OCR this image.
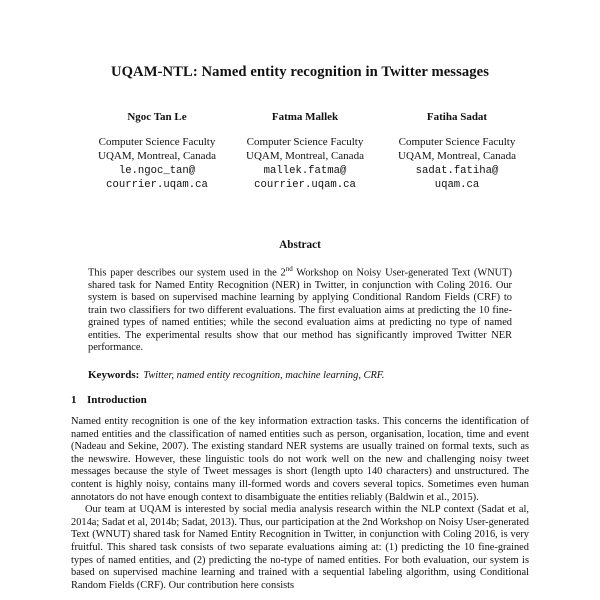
UQAM-NTL: Named entity recognition in Twitter messages
Ngoc Tan Le
Computer Science Faculty
UQAM, Montreal, Canada
le.ngoc_tan@
courrier.uqam.ca
Fatma Mallek
Computer Science Faculty
UQAM, Montreal, Canada
mallek.fatma@
courrier.uqam.ca
Fatiha Sadat
Computer Science Faculty
UQAM, Montreal, Canada
sadat.fatiha@
uqam.ca
Abstract
This paper describes our system used in the 2nd Workshop on Noisy User-generated Text (WNUT) shared task for Named Entity Recognition (NER) in Twitter, in conjunction with Coling 2016. Our system is based on supervised machine learning by applying Conditional Random Fields (CRF) to train two classifiers for two different evaluations. The first evaluation aims at predicting the 10 fine-grained types of named entities; while the second evaluation aims at predicting no type of named entities. The experimental results show that our method has significantly improved Twitter NER performance.
Keywords: Twitter, named entity recognition, machine learning, CRF.
1 Introduction

Named entity recognition is one of the key information extraction tasks. This concerns the identification of named entities and the classification of named entities such as person, organisation, location, time and event (Nadeau and Sekine, 2007). The existing standard NER systems are usually trained on formal texts, such as the newswire. However, these linguistic tools do not work well on the new and challenging noisy tweet messages because the style of Tweet messages is short (length upto 140 characters) and unstructured. The content is highly noisy, contains many ill-formed words and covers several topics. Sometimes even human annotators do not have enough context to disambiguate the entities reliably (Baldwin et al., 2015).

Our team at UQAM is interested by social media analysis research within the NLP context (Sadat et al, 2014a; Sadat et al, 2014b; Sadat, 2013). Thus, our participation at the 2nd Workshop on Noisy User-generated Text (WNUT) shared task for Named Entity Recognition in Twitter, in conjunction with Coling 2016, is very fruitful. This shared task consists of two separate evaluations aiming at: (1) predicting the 10 fine-grained types of named entities, and (2) predicting the no-type of named entities. For both evaluation, our system is based on supervised machine learning and trained with a sequential labeling algorithm, using Conditional Random Fields (CRF). Our contribution here consists
